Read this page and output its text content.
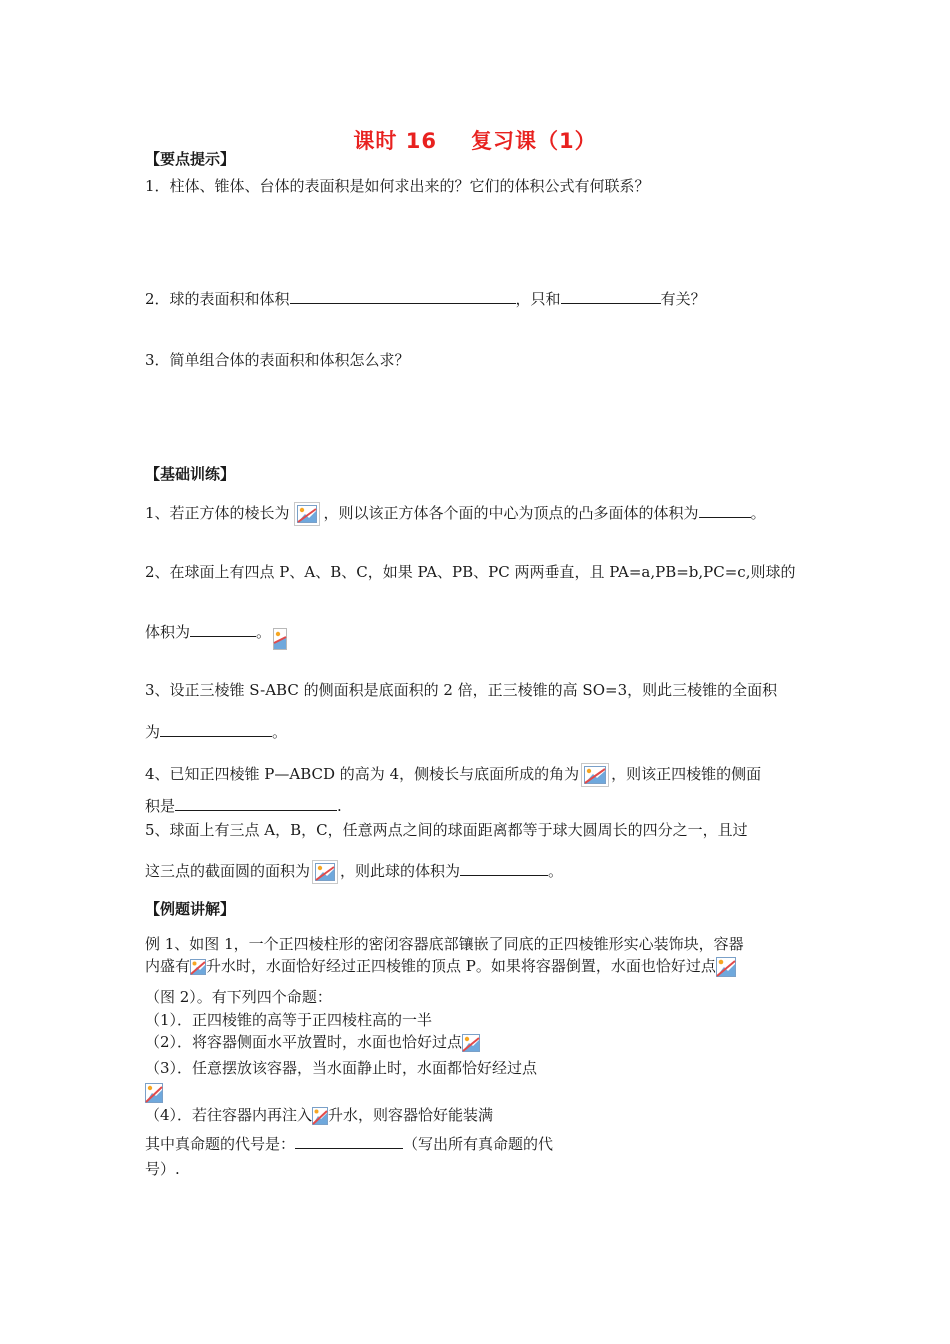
课时 16 复习课（1）
【要点提示】
1．柱体、锥体、台体的表面积是如何求出来的？它们的体积公式有何联系？
2．球的表面积和体积	，只和	有关？
3．简单组合体的表面积和体积怎么求？
【基础训练】
1、若正方体的棱长为 ，则以该正方体各个面的中心为顶点的凸多面体的体积为	。
2、在球面上有四点 P、A、B、C，如果 PA、PB、PC 两两垂直，且 PA=a,PB=b,PC=c,则球的
体积为	。
3、设正三棱锥 S-ABC 的侧面积是底面积的 2 倍，正三棱锥的高 SO=3，则此三棱锥的全面积
为	。
4、已知正四棱锥 P—ABCD 的高为 4，侧棱长与底面所成的角为 ，则该正四棱锥的侧面
积是	.
5、球面上有三点 A，B，C，任意两点之间的球面距离都等于球大圆周长的四分之一，且过
这三点的截面圆的面积为 ，则此球的体积为	。
【例题讲解】
例 1、如图 1，一个正四棱柱形的密闭容器底部镶嵌了同底的正四棱锥形实心装饰块，容器
内盛有 升水时，水面恰好经过正四棱锥的顶点 P。如果将容器倒置，水面也恰好过点
（图 2）。有下列四个命题：
（1）．正四棱锥的高等于正四棱柱高的一半
（2）．将容器侧面水平放置时，水面也恰好过点
（3）．任意摆放该容器，当水面静止时，水面都恰好经过点
（4）．若往容器内再注入 升水，则容器恰好能装满
其中真命题的代号是：	（写出所有真命题的代
号）.
